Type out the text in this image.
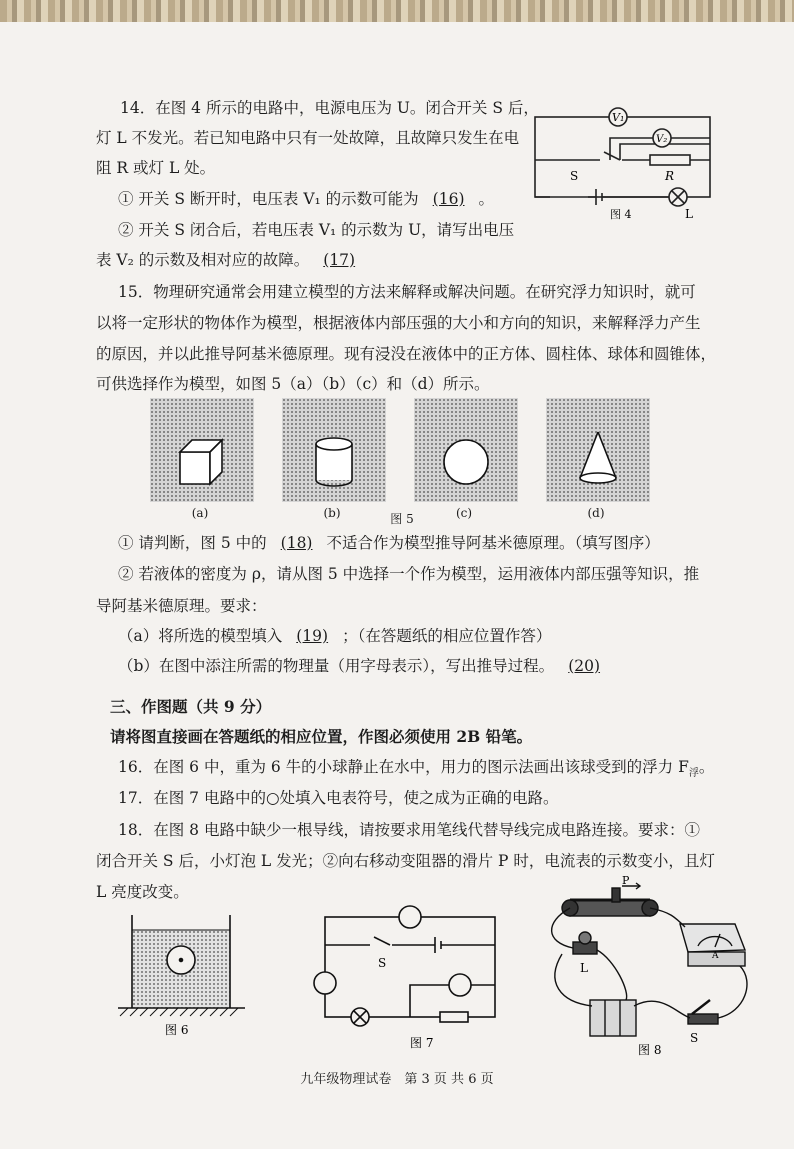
14．在图 4 所示的电路中，电源电压为 U。闭合开关 S 后，
灯 L 不发光。若已知电路中只有一处故障，且故障只发生在电
阻 R 或灯 L 处。
① 开关 S 断开时，电压表 V₁ 的示数可能为 (16) 。
② 开关 S 闭合后，若电压表 V₁ 的示数为 U，请写出电压
表 V₂ 的示数及相对应的故障。 (17)
V₁
V₂
S	R
L
图 4
15．物理研究通常会用建立模型的方法来解释或解决问题。在研究浮力知识时，就可
以将一定形状的物体作为模型，根据液体内部压强的大小和方向的知识，来解释浮力产生
的原因，并以此推导阿基米德原理。现有浸没在液体中的正方体、圆柱体、球体和圆锥体，
可供选择作为模型，如图 5（a）（b）（c）和（d）所示。
(a)	(b)	图 5	(c)	(d)
① 请判断，图 5 中的 (18) 不适合作为模型推导阿基米德原理。（填写图序）
② 若液体的密度为 ρ，请从图 5 中选择一个作为模型，运用液体内部压强等知识，推
导阿基米德原理。要求：
（a）将所选的模型填入 (19) ；（在答题纸的相应位置作答）
（b）在图中添注所需的物理量（用字母表示），写出推导过程。 (20)
三、作图题（共 9 分）
请将图直接画在答题纸的相应位置，作图必须使用 2B 铅笔。
16．在图 6 中，重为 6 牛的小球静止在水中，用力的图示法画出该球受到的浮力 $F_浮$。
17．在图 7 电路中的○处填入电表符号，使之成为正确的电路。
18．在图 8 电路中缺少一根导线，请按要求用笔线代替导线完成电路连接。要求：①
闭合开关 S 后，小灯泡 L 发光；②向右移动变阻器的滑片 P 时，电流表的示数变小，且灯
L 亮度改变。
图 6
S
图 7
P
A
L
S
图 8
九年级物理试卷　第 3 页 共 6 页
